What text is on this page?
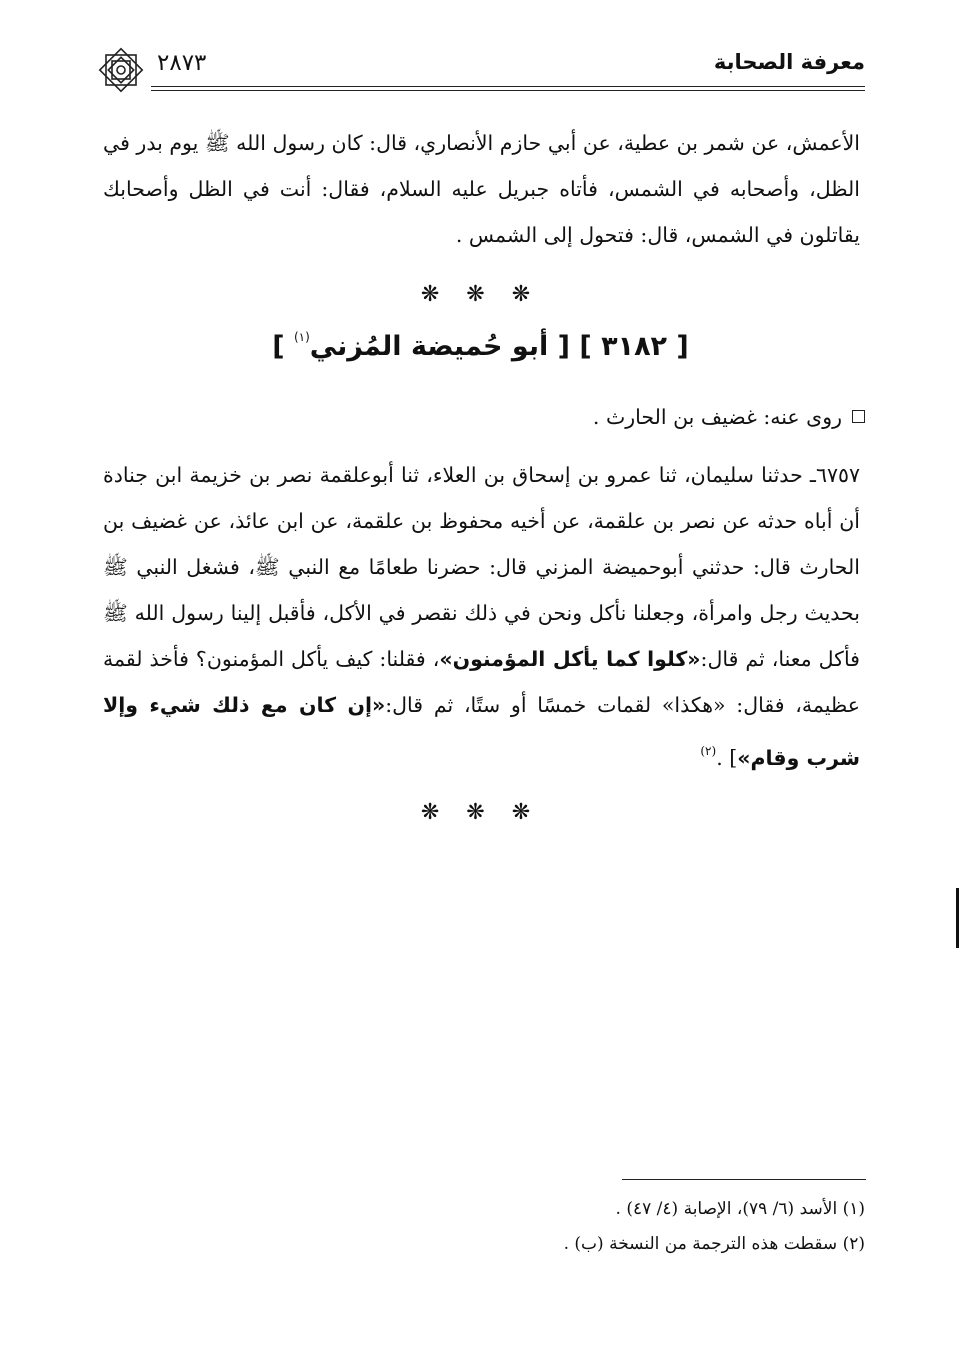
٢٨٧٣	معرفة الصحابة
الأعمش، عن شمر بن عطية، عن أبي حازم الأنصاري، قال: كان رسول الله ﷺ يوم بدر في الظل، وأصحابه في الشمس، فأتاه جبريل عليه السلام، فقال: أنت في الظل وأصحابك يقاتلون في الشمس، قال: فتحول إلى الشمس .
❋ ❋ ❋
[ ٣١٨٢ ] [ أبو حُميضة المُزني$^{(١)}$ ]
روى عنه: غضيف بن الحارث .
٦٧٥٧ـ حدثنا سليمان، ثنا عمرو بن إسحاق بن العلاء، ثنا أبوعلقمة نصر بن خزيمة ابن جنادة أن أباه حدثه عن نصر بن علقمة، عن أخيه محفوظ بن علقمة، عن ابن عائذ، عن غضيف بن الحارث قال: حدثني أبوحميضة المزني قال: حضرنا طعامًا مع النبي ﷺ، فشغل النبي ﷺ بحديث رجل وامرأة، وجعلنا نأكل ونحن في ذلك نقصر في الأكل، فأقبل إلينا رسول الله ﷺ فأكل معنا، ثم قال:«كلوا كما يأكل المؤمنون»، فقلنا: كيف يأكل المؤمنون؟ فأخذ لقمة عظيمة، فقال: «هكذا» لقمات خمسًا أو ستًا، ثم قال:«إن كان مع ذلك شيء وإلا شرب وقام»] .$^{(٢)}$
❋ ❋ ❋
(١) الأسد (٦/ ٧٩)، الإصابة (٤/ ٤٧) .
(٢) سقطت هذه الترجمة من النسخة (ب) .
